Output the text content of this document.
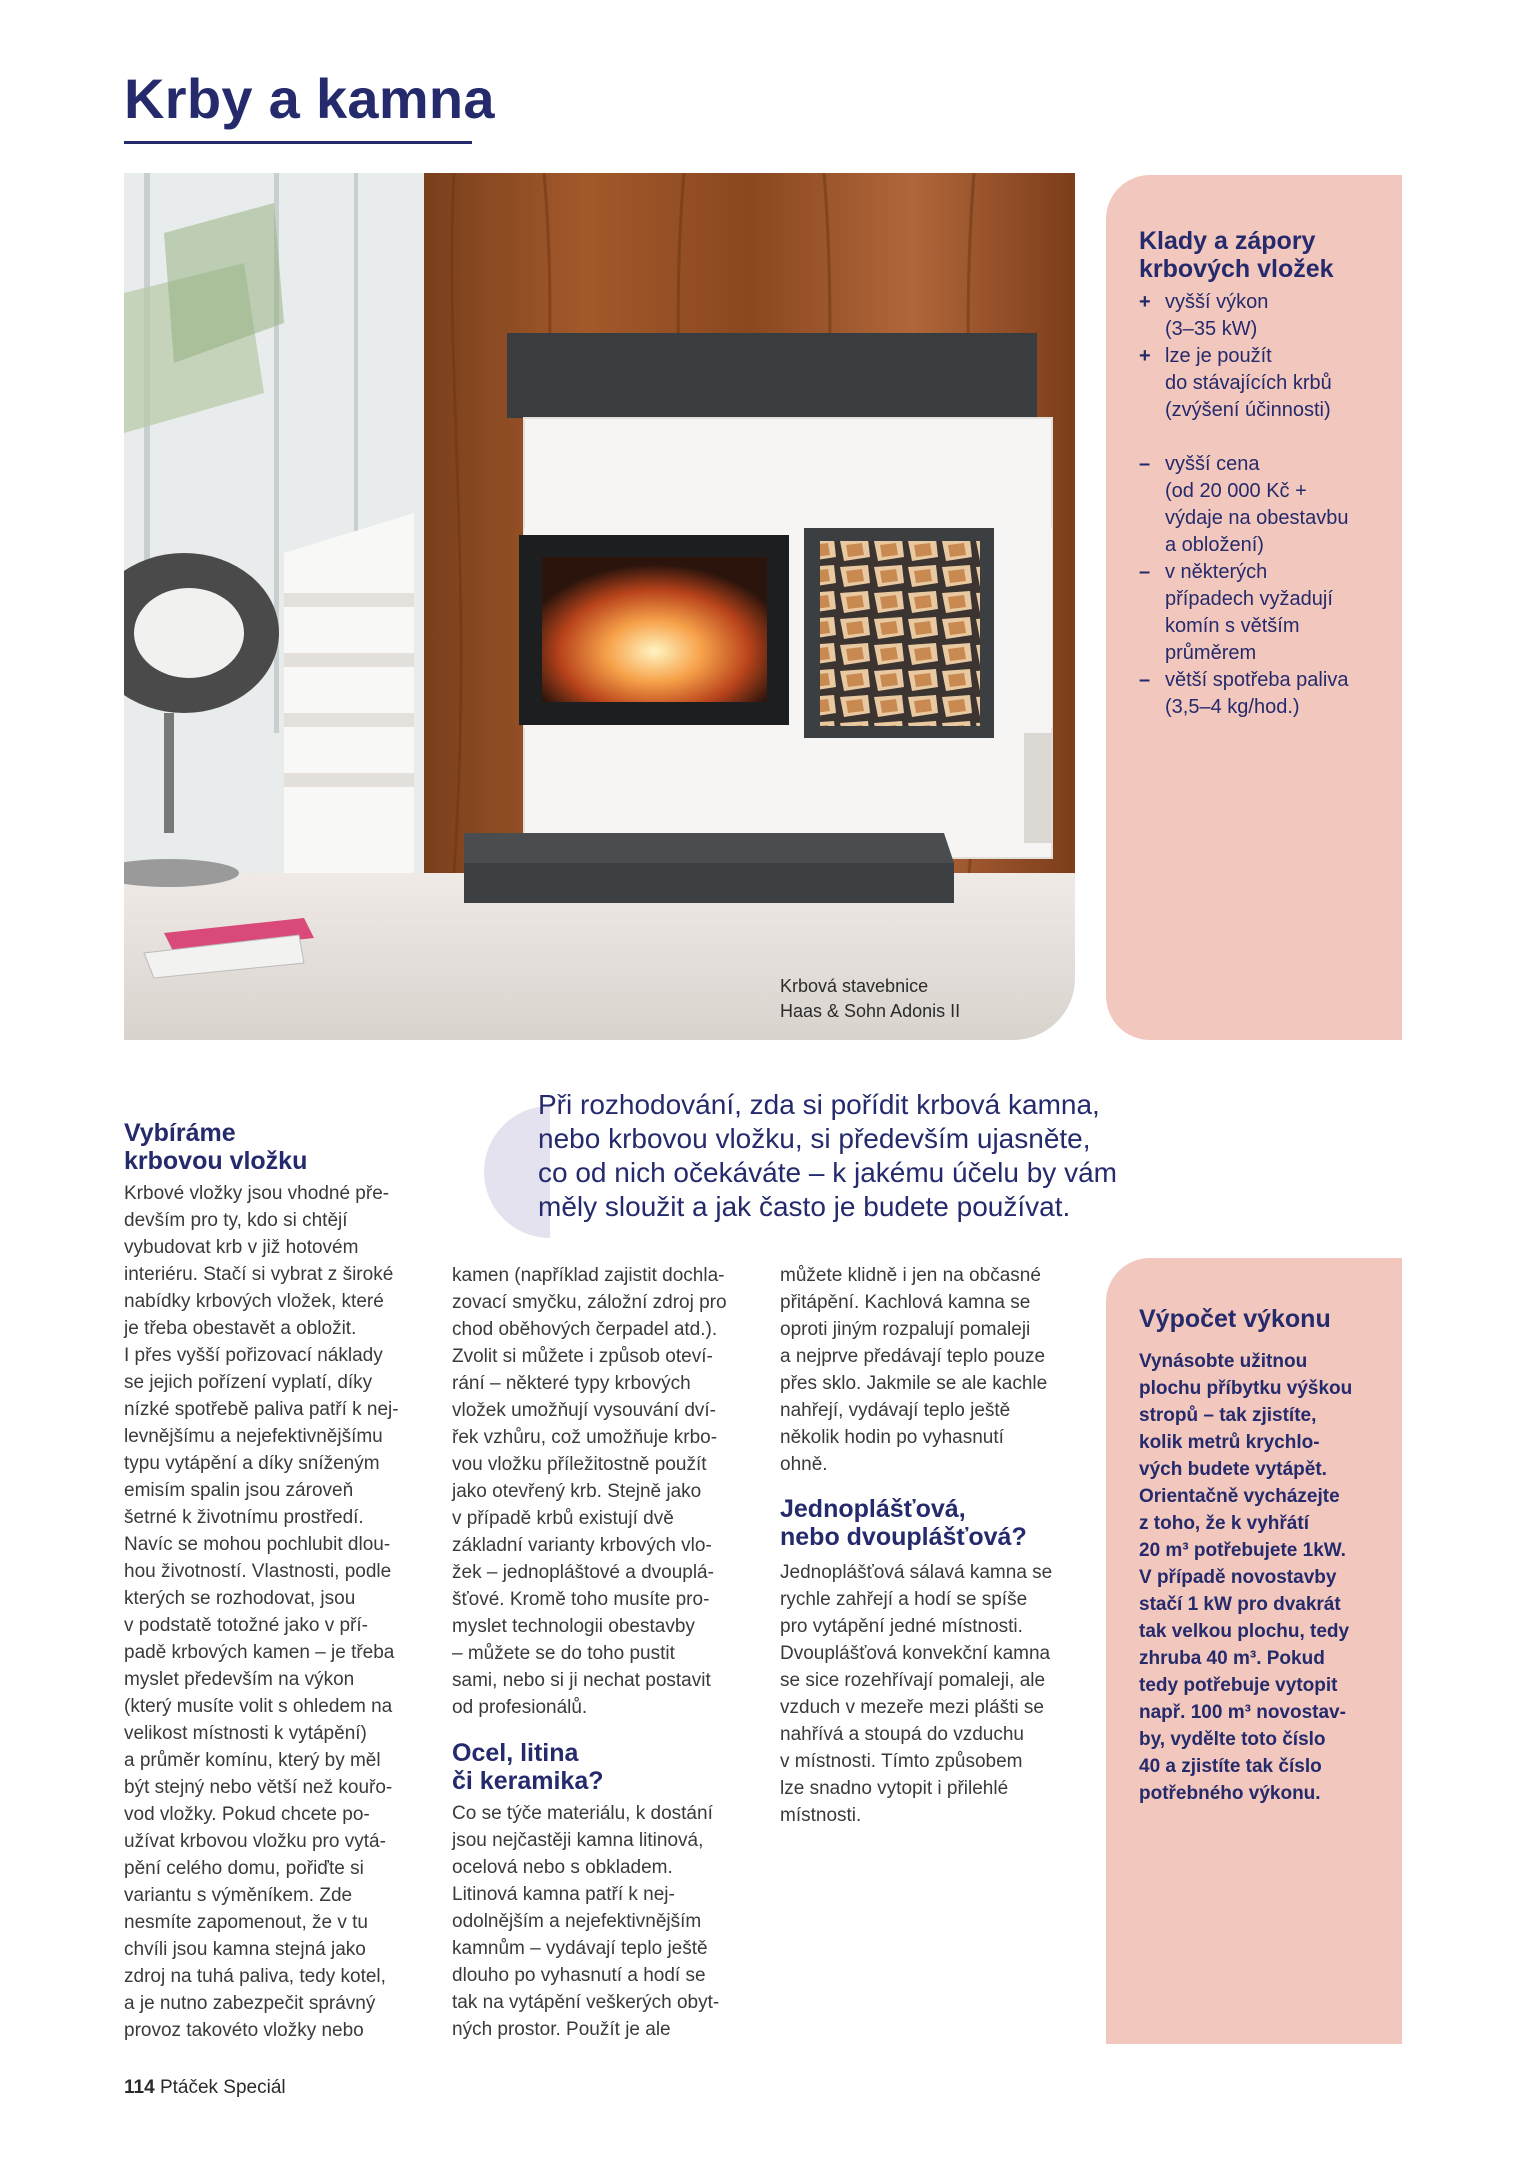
Krby a kamna
Krbová stavebnice
Haas & Sohn Adonis II
Klady a zápory
krbových vložek
+ vyšší výkon
(3–35 kW)
+ lze je použít
do stávajících krbů
(zvýšení účinnosti)
– vyšší cena
(od 20 000 Kč +
výdaje na obestavbu
a obložení)
– v některých
případech vyžadují
komín s větším
průměrem
– větší spotřeba paliva
(3,5–4 kg/hod.)
Při rozhodování, zda si pořídit krbová kamna,
nebo krbovou vložku, si především ujasněte,
co od nich očekáváte – k jakému účelu by vám
měly sloužit a jak často je budete používat.
Vybíráme
krbovou vložku
Krbové vložky jsou vhodné pře-
devším pro ty, kdo si chtějí
vybudovat krb v již hotovém
interiéru. Stačí si vybrat z široké
nabídky krbových vložek, které
je třeba obestavět a obložit.
I přes vyšší pořizovací náklady
se jejich pořízení vyplatí, díky
nízké spotřebě paliva patří k nej-
levnějšímu a nejefektivnějšímu
typu vytápění a díky sníženým
emisím spalin jsou zároveň
šetrné k životnímu prostředí.
Navíc se mohou pochlubit dlou-
hou životností. Vlastnosti, podle
kterých se rozhodovat, jsou
v podstatě totožné jako v pří-
padě krbových kamen – je třeba
myslet především na výkon
(který musíte volit s ohledem na
velikost místnosti k vytápění)
a průměr komínu, který by měl
být stejný nebo větší než kouřo-
vod vložky. Pokud chcete po-
užívat krbovou vložku pro vytá-
pění celého domu, pořiďte si
variantu s výměníkem. Zde
nesmíte zapomenout, že v tu
chvíli jsou kamna stejná jako
zdroj na tuhá paliva, tedy kotel,
a je nutno zabezpečit správný
provoz takovéto vložky nebo
kamen (například zajistit dochla-
zovací smyčku, záložní zdroj pro
chod oběhových čerpadel atd.).
Zvolit si můžete i způsob oteví-
rání – některé typy krbových
vložek umožňují vysouvání dví-
řek vzhůru, což umožňuje krbo-
vou vložku příležitostně použít
jako otevřený krb. Stejně jako
v případě krbů existují dvě
základní varianty krbových vlo-
žek – jednopláštové a dvouplá-
šťové. Kromě toho musíte pro-
myslet technologii obestavby
– můžete se do toho pustit
sami, nebo si ji nechat postavit
od profesionálů.
Ocel, litina
či keramika?
Co se týče materiálu, k dostání
jsou nejčastěji kamna litinová,
ocelová nebo s obkladem.
Litinová kamna patří k nej-
odolnějším a nejefektivnějším
kamnům – vydávají teplo ještě
dlouho po vyhasnutí a hodí se
tak na vytápění veškerých obyt-
ných prostor. Použít je ale
můžete klidně i jen na občasné
přitápění. Kachlová kamna se
oproti jiným rozpalují pomaleji
a nejprve předávají teplo pouze
přes sklo. Jakmile se ale kachle
nahřejí, vydávají teplo ještě
několik hodin po vyhasnutí
ohně.
Jednoplášťová,
nebo dvouplášťová?
Jednoplášťová sálavá kamna se
rychle zahřejí a hodí se spíše
pro vytápění jedné místnosti.
Dvouplášťová konvekční kamna
se sice rozehřívají pomaleji, ale
vzduch v mezeře mezi plášti se
nahřívá a stoupá do vzduchu
v místnosti. Tímto způsobem
lze snadno vytopit i přilehlé
místnosti.
Výpočet výkonu
Vynásobte užitnou
plochu příbytku výškou
stropů – tak zjistíte,
kolik metrů krychlo-
vých budete vytápět.
Orientačně vycházejte
z toho, že k vyhřátí
20 m³ potřebujete 1kW.
V případě novostavby
stačí 1 kW pro dvakrát
tak velkou plochu, tedy
zhruba 40 m³. Pokud
tedy potřebuje vytopit
např. 100 m³ novostav-
by, vydělte toto číslo
40 a zjistíte tak číslo
potřebného výkonu.
114 Ptáček Speciál
